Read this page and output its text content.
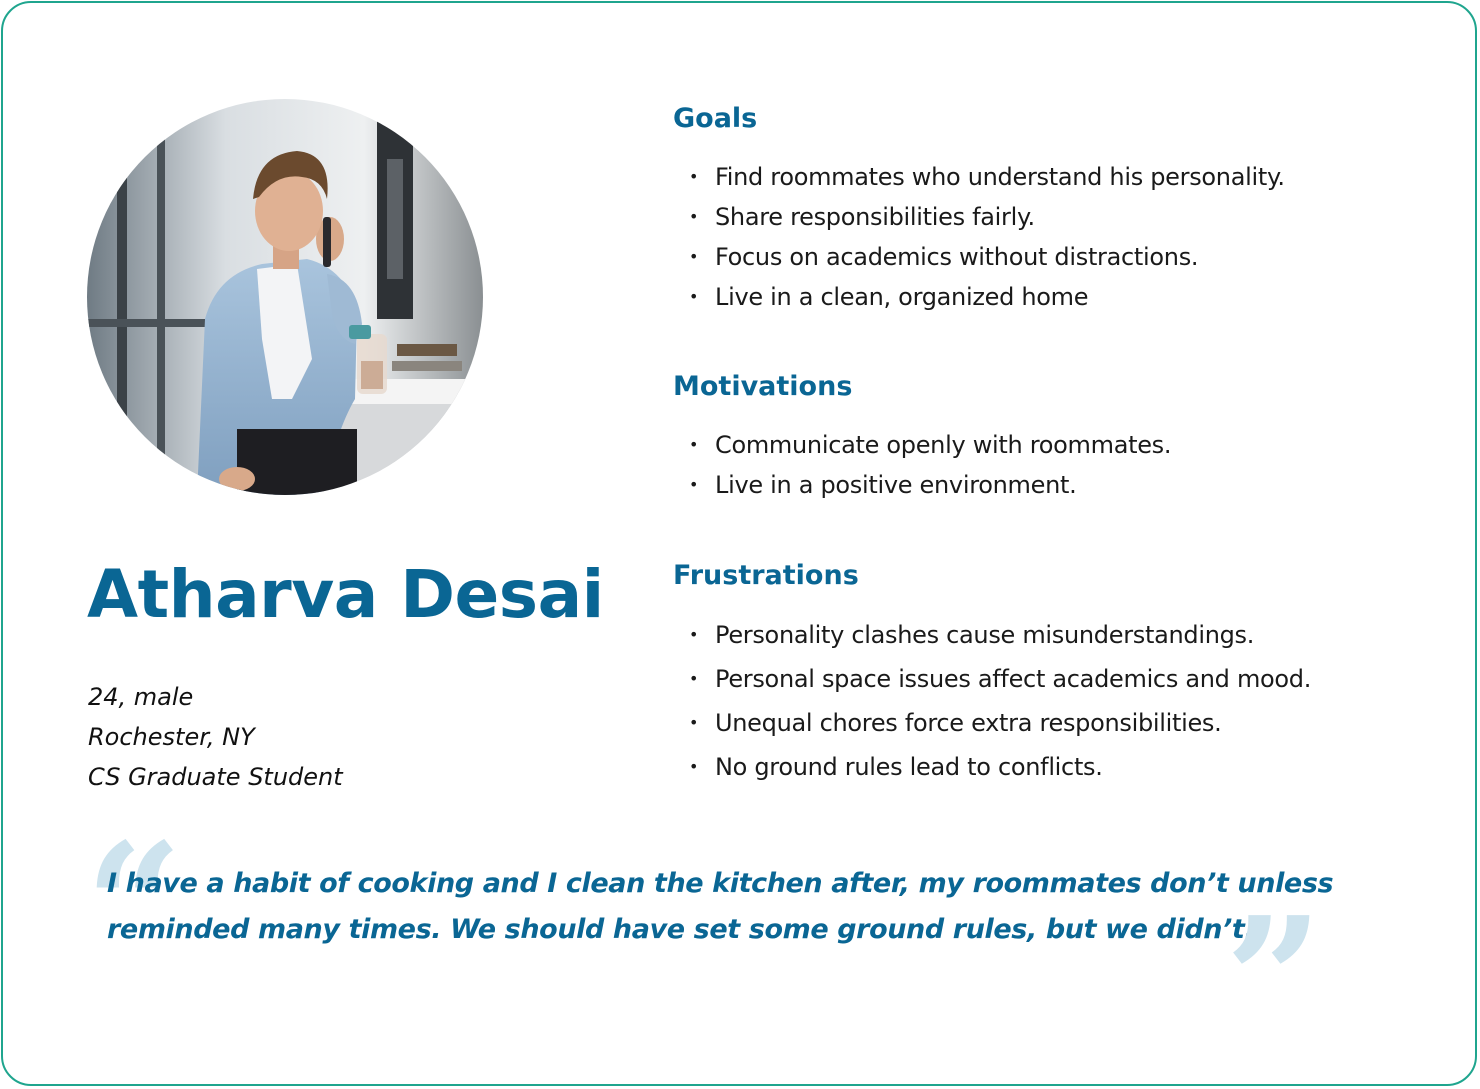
Atharva Desai
24, male
Rochester, NY
CS Graduate Student
Goals
• Find roommates who understand his personality.
• Share responsibilities fairly.
• Focus on academics without distractions.
• Live in a clean, organized home
Motivations
• Communicate openly with roommates.
• Live in a positive environment.
Frustrations
• Personality clashes cause misunderstandings.
• Personal space issues affect academics and mood.
• Unequal chores force extra responsibilities.
• No ground rules lead to conflicts.
“

I have a habit of cooking and I clean the kitchen after, my roommates don’t unless
reminded many times. We should have set some ground rules, but we didn’t.

”
